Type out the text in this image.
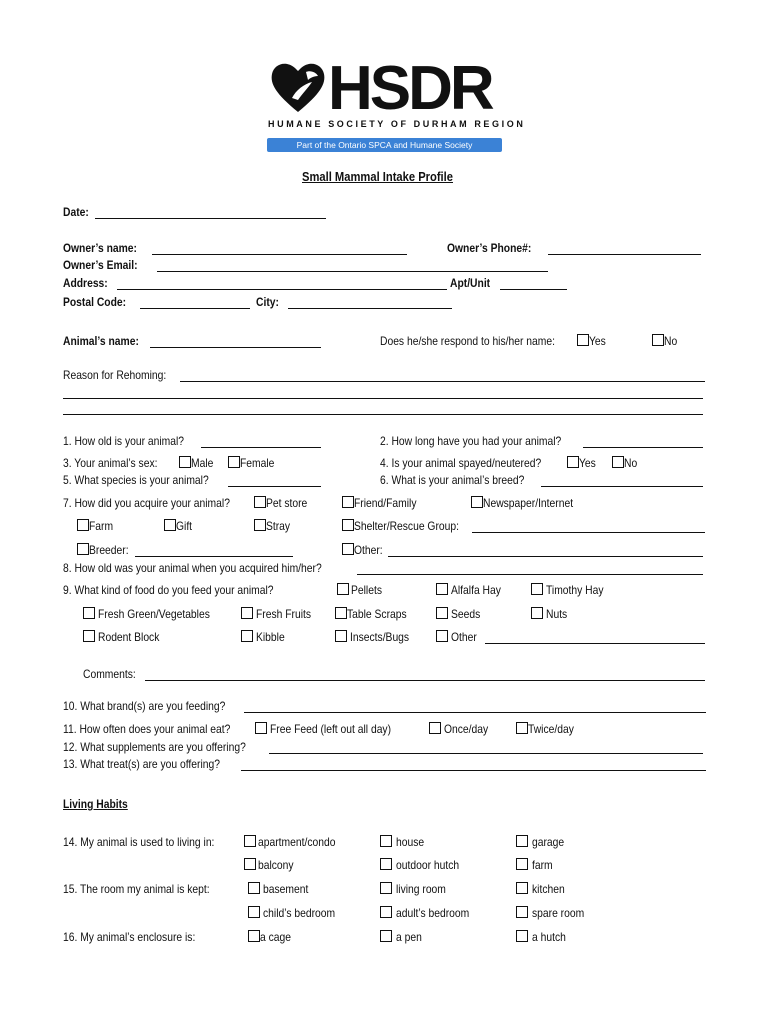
HSDR
HUMANE SOCIETY OF DURHAM REGION
Part of the Ontario SPCA and Humane Society
Small Mammal Intake Profile
Date:
Owner’s name:	Owner’s Phone#:
Owner’s Email:
Address:	Apt/Unit
Postal Code:	City:
Animal’s name:	Does he/she respond to his/her name:	Yes	No
Reason for Rehoming:
1. How old is your animal?	2. How long have you had your animal?
3. Your animal’s sex:	Male Female	4. Is your animal spayed/neutered?	Yes No
5. What species is your animal?	6. What is your animal’s breed?
7. How did you acquire your animal?	Pet store	Friend/Family	Newspaper/Internet
Farm	Gift	Stray	Shelter/Rescue Group:
Breeder:	Other:
8. How old was your animal when you acquired him/her?
9. What kind of food do you feed your animal?	Pellets	Alfalfa Hay	Timothy Hay
Fresh Green/Vegetables	Fresh Fruits	Table Scraps	Seeds	Nuts
Rodent Block	Kibble	Insects/Bugs	Other
Comments:
10. What brand(s) are you feeding?
11. How often does your animal eat?	Free Feed (left out all day)	Once/day	Twice/day
12. What supplements are you offering?
13. What treat(s) are you offering?
Living Habits
14. My animal is used to living in:	apartment/condo	house	garage
balcony	outdoor hutch	farm
15. The room my animal is kept:	basement	living room	kitchen
child’s bedroom	adult’s bedroom	spare room
16. My animal’s enclosure is:	a cage	a pen	a hutch
